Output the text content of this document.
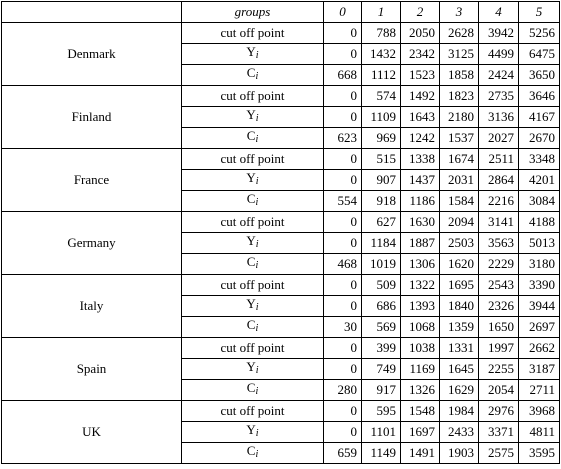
	groups	0	1	2	3	4	5
Denmark	cut off point	0	788	2050	2628	3942	5256
	$Y_i$	0	1432	2342	3125	4499	6475
	$C_i$	668	1112	1523	1858	2424	3650
Finland	cut off point	0	574	1492	1823	2735	3646
	$Y_i$	0	1109	1643	2180	3136	4167
	$C_i$	623	969	1242	1537	2027	2670
France	cut off point	0	515	1338	1674	2511	3348
	$Y_i$	0	907	1437	2031	2864	4201
	$C_i$	554	918	1186	1584	2216	3084
Germany	cut off point	0	627	1630	2094	3141	4188
	$Y_i$	0	1184	1887	2503	3563	5013
	$C_i$	468	1019	1306	1620	2229	3180
Italy	cut off point	0	509	1322	1695	2543	3390
	$Y_i$	0	686	1393	1840	2326	3944
	$C_i$	30	569	1068	1359	1650	2697
Spain	cut off point	0	399	1038	1331	1997	2662
	$Y_i$	0	749	1169	1645	2255	3187
	$C_i$	280	917	1326	1629	2054	2711
UK	cut off point	0	595	1548	1984	2976	3968
	$Y_i$	0	1101	1697	2433	3371	4811
	$C_i$	659	1149	1491	1903	2575	3595
